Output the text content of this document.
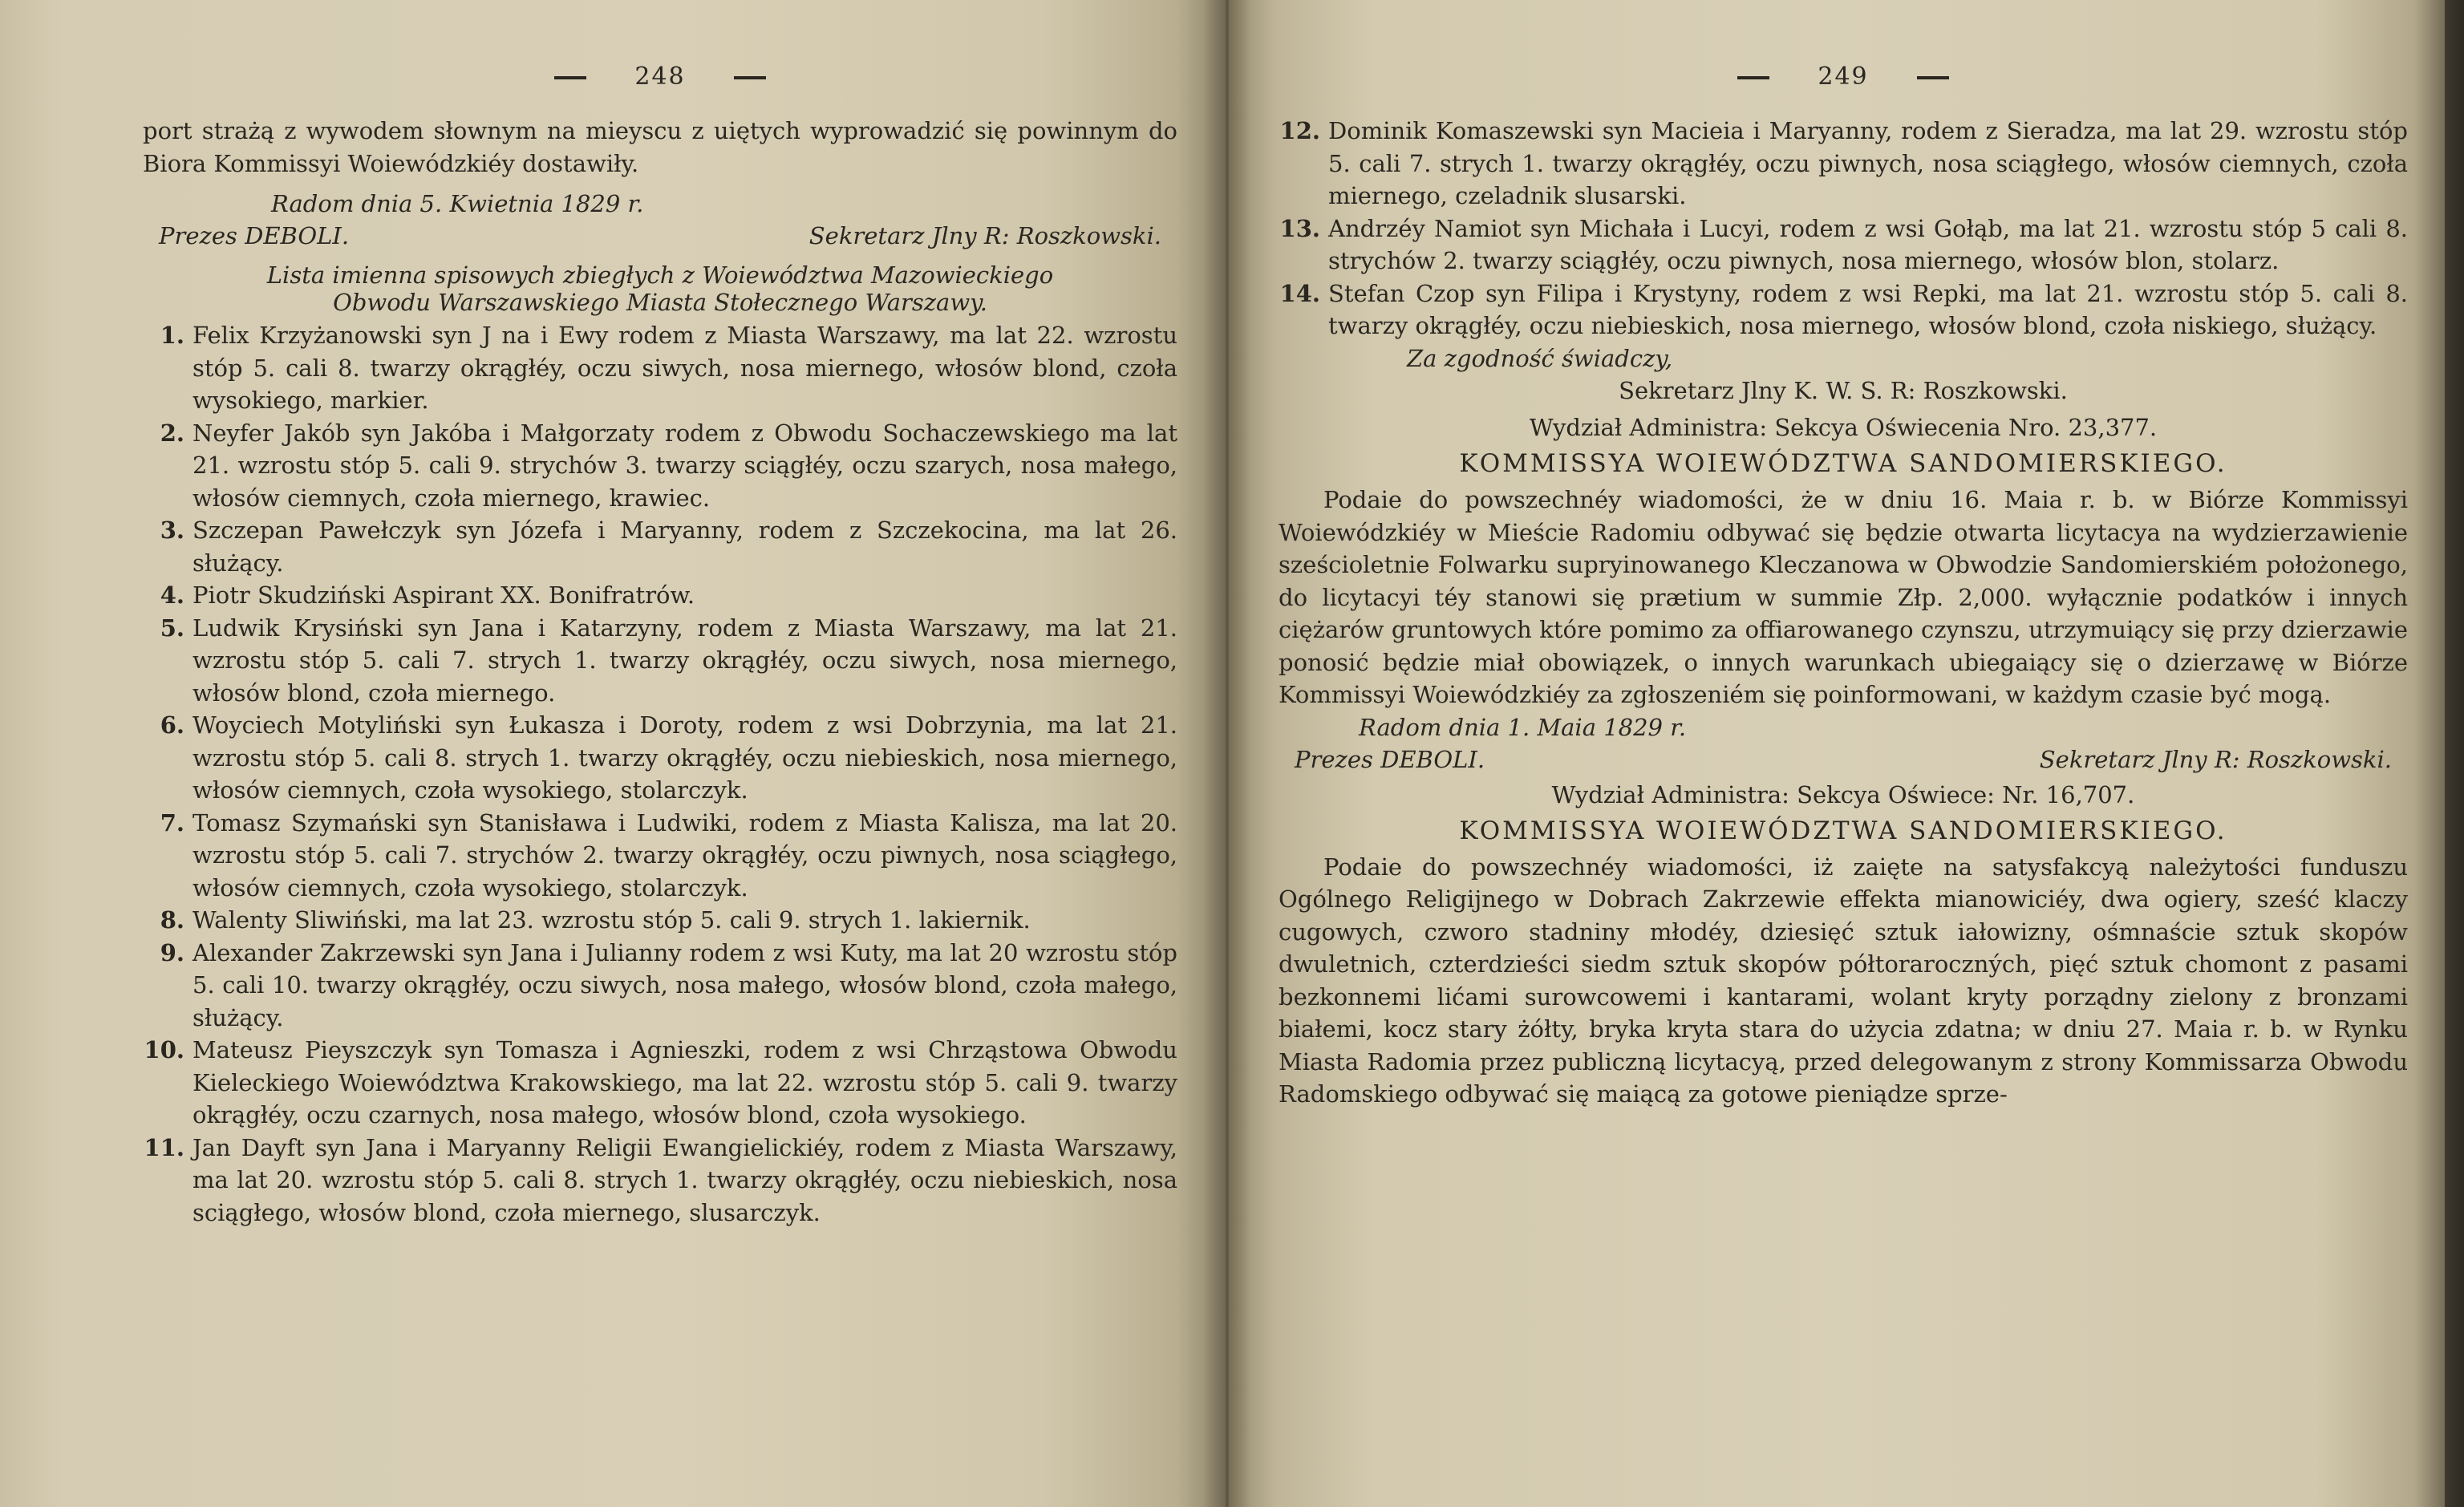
248
port strażą z wywodem słownym na mieyscu z uiętych wyprowadzić się powinnym do Biora Kommissyi Woiewódzkiéy dostawiły.
Radom dnia 5. Kwietnia 1829 r.
Prezes DEBOLI.	Sekretarz Jlny R: Roszkowski.
Lista imienna spisowych zbiegłych z Woiewództwa Mazowieckiego
Obwodu Warszawskiego Miasta Stołecznego Warszawy.
1. Felix Krzyżanowski syn J na i Ewy rodem z Miasta Warszawy, ma lat 22. wzrostu stóp 5. cali 8. twarzy okrągłéy, oczu siwych, nosa miernego, włosów blond, czoła wysokiego, markier.
2. Neyfer Jakób syn Jakóba i Małgorzaty rodem z Obwodu Sochaczewskiego ma lat 21. wzrostu stóp 5. cali 9. strychów 3. twarzy sciągłéy, oczu szarych, nosa małego, włosów ciemnych, czoła miernego, krawiec.
3. Szczepan Pawełczyk syn Józefa i Maryanny, rodem z Szczekocina, ma lat 26. służący.
4. Piotr Skudziński Aspirant XX. Bonifratrów.
5. Ludwik Krysiński syn Jana i Katarzyny, rodem z Miasta Warszawy, ma lat 21. wzrostu stóp 5. cali 7. strych 1. twarzy okrągłéy, oczu siwych, nosa miernego, włosów blond, czoła miernego.
6. Woyciech Motyliński syn Łukasza i Doroty, rodem z wsi Dobrzynia, ma lat 21. wzrostu stóp 5. cali 8. strych 1. twarzy okrągłéy, oczu niebieskich, nosa miernego, włosów ciemnych, czoła wysokiego, stolarczyk.
7. Tomasz Szymański syn Stanisława i Ludwiki, rodem z Miasta Kalisza, ma lat 20. wzrostu stóp 5. cali 7. strychów 2. twarzy okrągłéy, oczu piwnych, nosa sciągłego, włosów ciemnych, czoła wysokiego, stolarczyk.
8. Walenty Sliwiński, ma lat 23. wzrostu stóp 5. cali 9. strych 1. lakiernik.
9. Alexander Zakrzewski syn Jana i Julianny rodem z wsi Kuty, ma lat 20 wzrostu stóp 5. cali 10. twarzy okrągłéy, oczu siwych, nosa małego, włosów blond, czoła małego, służący.
10. Mateusz Pieyszczyk syn Tomasza i Agnieszki, rodem z wsi Chrząstowa Obwodu Kieleckiego Woiewództwa Krakowskiego, ma lat 22. wzrostu stóp 5. cali 9. twarzy okrągłéy, oczu czarnych, nosa małego, włosów blond, czoła wysokiego.
11. Jan Dayft syn Jana i Maryanny Religii Ewangielickiéy, rodem z Miasta Warszawy, ma lat 20. wzrostu stóp 5. cali 8. strych 1. twarzy okrągłéy, oczu niebieskich, nosa sciągłego, włosów blond, czoła miernego, slusarczyk.
249
12. Dominik Komaszewski syn Macieia i Maryanny, rodem z Sieradza, ma lat 29. wzrostu stóp 5. cali 7. strych 1. twarzy okrągłéy, oczu piwnych, nosa sciągłego, włosów ciemnych, czoła miernego, czeladnik slusarski.
13. Andrzéy Namiot syn Michała i Lucyi, rodem z wsi Gołąb, ma lat 21. wzrostu stóp 5 cali 8. strychów 2. twarzy sciągłéy, oczu piwnych, nosa miernego, włosów blon, stolarz.
14. Stefan Czop syn Filipa i Krystyny, rodem z wsi Repki, ma lat 21. wzrostu stóp 5. cali 8. twarzy okrągłéy, oczu niebieskich, nosa miernego, włosów blond, czoła niskiego, służący.
Za zgodność świadczy,
Sekretarz Jlny K. W. S. R: Roszkowski.
Wydział Administra: Sekcya Oświecenia Nro. 23,377.
KOMMISSYA WOIEWÓDZTWA SANDOMIERSKIEGO.
Podaie do powszechnéy wiadomości, że w dniu 16. Maia r. b. w Biórze Kommissyi Woiewódzkiéy w Mieście Radomiu odbywać się będzie otwarta licytacya na wydzierzawienie sześcioletnie Folwarku supryinowanego Kleczanowa w Obwodzie Sandomierskiém położonego, do licytacyi téy stanowi się prætium w summie Złp. 2,000. wyłącznie podatków i innych ciężarów gruntowych które pomimo za offiarowanego czynszu, utrzymuiący się przy dzierzawie ponosić będzie miał obowiązek, o innych warunkach ubiegaiący się o dzierzawę w Biórze Kommissyi Woiewódzkiéy za zgłoszeniém się poinformowani, w każdym czasie być mogą.
Radom dnia 1. Maia 1829 r.
Prezes DEBOLI.	Sekretarz Jlny R: Roszkowski.
Wydział Administra: Sekcya Oświece: Nr. 16,707.
KOMMISSYA WOIEWÓDZTWA SANDOMIERSKIEGO.
Podaie do powszechnéy wiadomości, iż zaięte na satysfakcyą należytości funduszu Ogólnego Religijnego w Dobrach Zakrzewie effekta mianowiciéy, dwa ogiery, sześć klaczy cugowych, czworo stadniny młodéy, dziesięć sztuk iałowizny, ośmnaście sztuk skopów dwuletnich, czterdzieści siedm sztuk skopów półtoraroczných, pięć sztuk chomont z pasami bezkonnemi lićami surowcowemi i kantarami, wolant kryty porządny zielony z bronzami białemi, kocz stary żółty, bryka kryta stara do użycia zdatna; w dniu 27. Maia r. b. w Rynku Miasta Radomia przez publiczną licytacyą, przed delegowanym z strony Kommissarza Obwodu Radomskiego odbywać się maiącą za gotowe pieniądze sprze-
